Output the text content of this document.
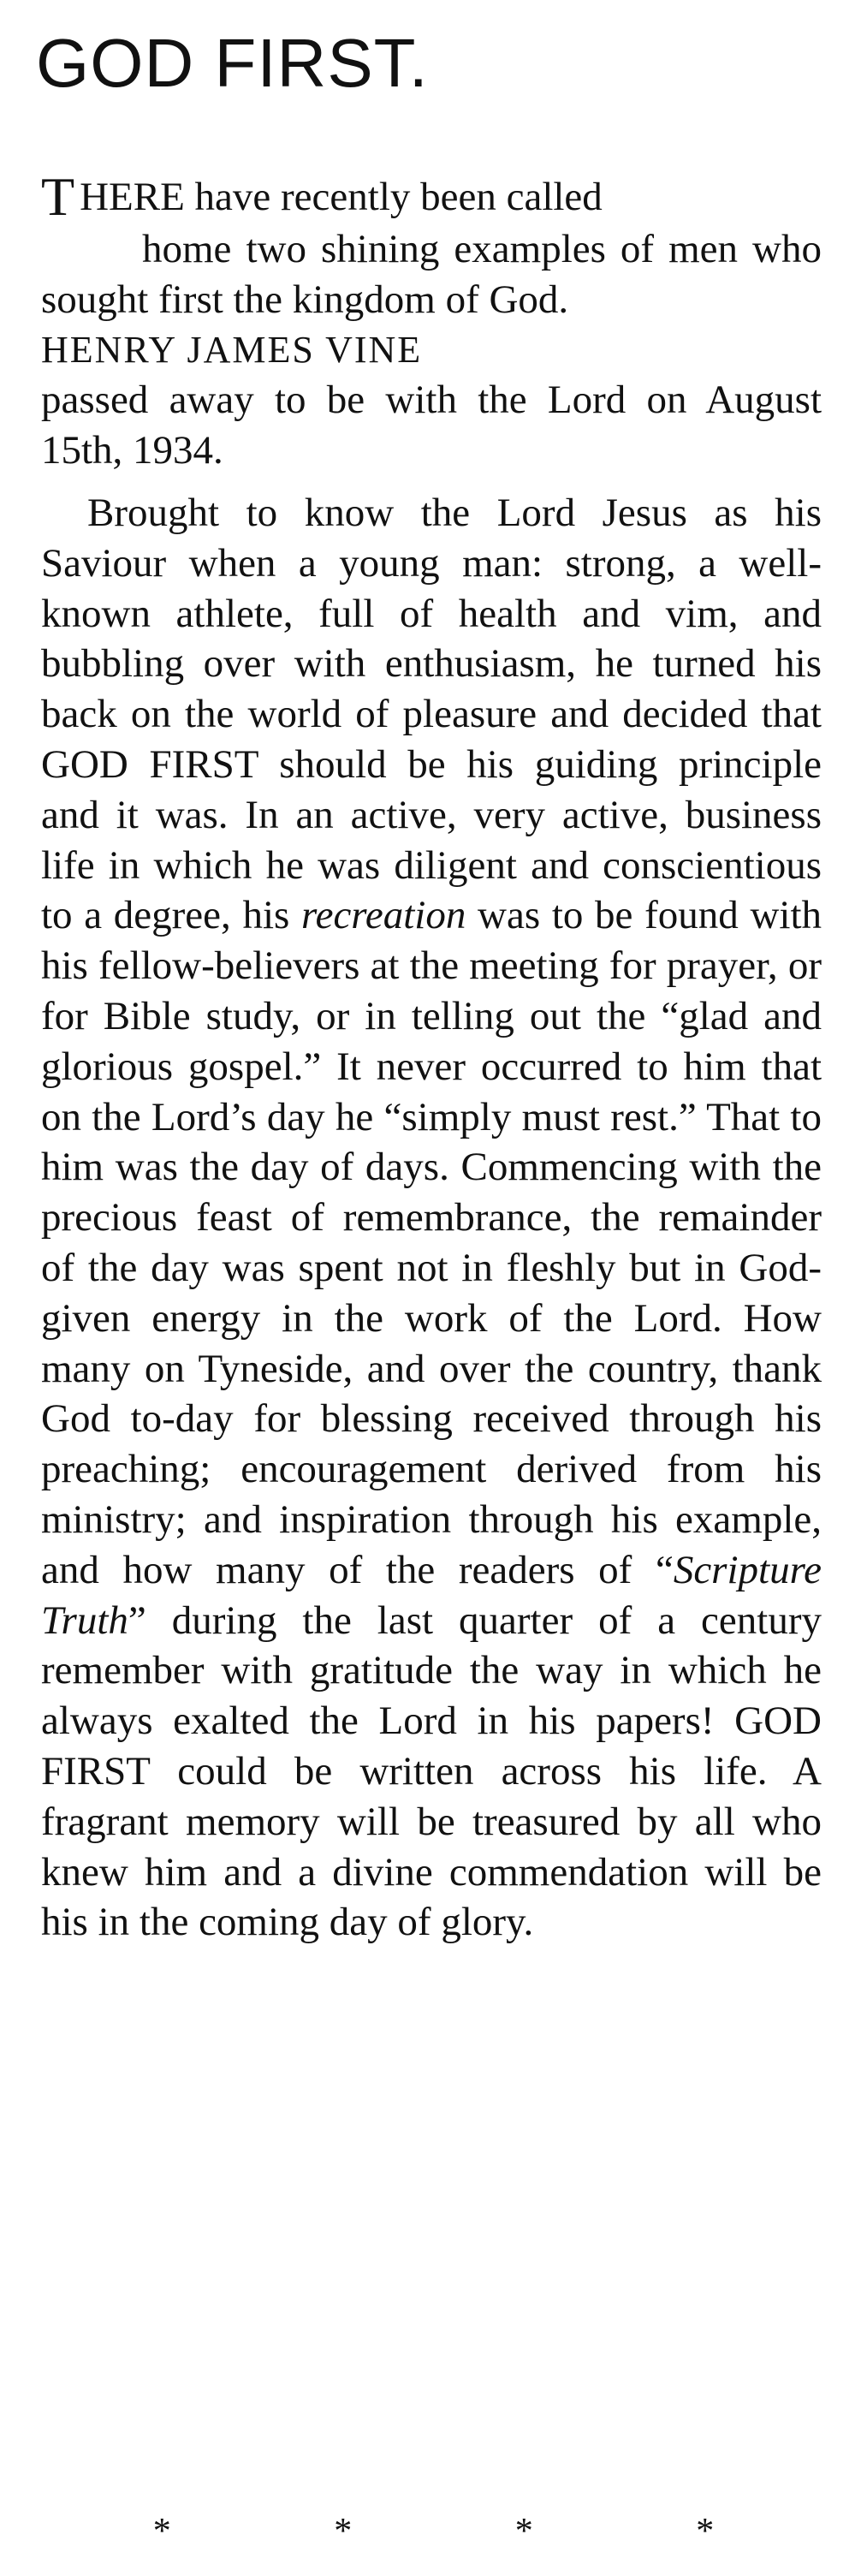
GOD FIRST.

T HERE have recently been called

home two shining examples of men who sought first the kingdom of God.

HENRY JAMES VINE

passed away to be with the Lord on August 15th, 1934.

Brought to know the Lord Jesus as his Saviour when a young man: strong, a well-known athlete, full of health and vim, and bubbling over with enthusiasm, he turned his back on the world of pleasure and decided that GOD FIRST should be his guiding principle and it was. In an active, very active, business life in which he was diligent and conscientious to a degree, his recreation was to be found with his fellow-believers at the meeting for prayer, or for Bible study, or in telling out the “glad and glorious gospel.” It never occurred to him that on the Lord’s day he “simply must rest.” That to him was the day of days. Commencing with the precious feast of remembrance, the remainder of the day was spent not in fleshly but in God-given energy in the work of the Lord. How many on Tyneside, and over the country, thank God to-day for blessing received through his preaching; encouragement derived from his ministry; and inspiration through his example, and how many of the readers of “Scripture Truth” during the last quarter of a century remember with gratitude the way in which he always exalted the Lord in his papers! GOD FIRST could be written across his life. A fragrant memory will be treasured by all who knew him and a divine commendation will be his in the coming day of glory.

* * * *
